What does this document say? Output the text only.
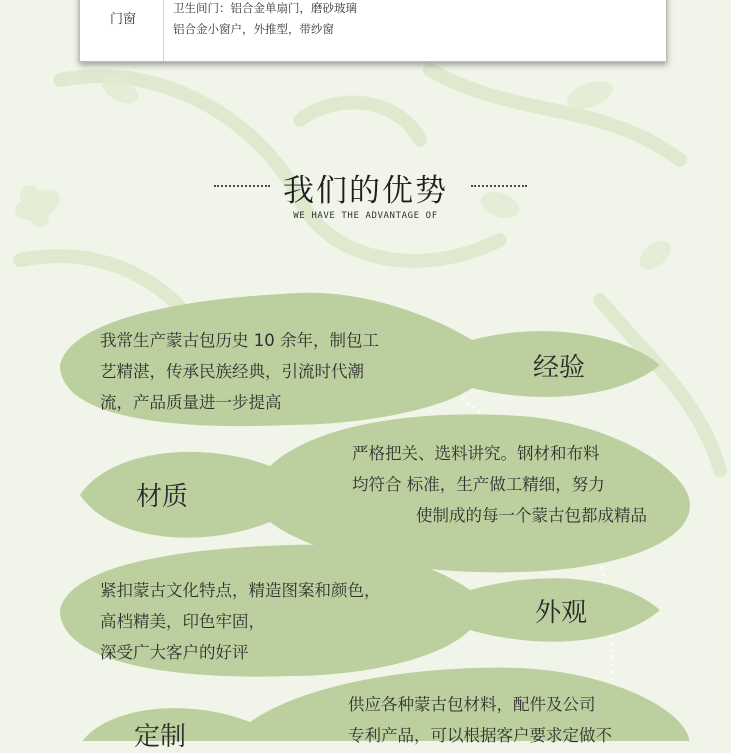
门窗
卫生间门：铝合金单扇门，磨砂玻璃
铝合金小窗户，外推型，带纱窗
我们的优势
WE HAVE THE ADVANTAGE OF
我常生产蒙古包历史 10 余年，制包工
艺精湛，传承民族经典，引流时代潮
流，产品质量进一步提高
经验
材质
严格把关、选料讲究。钢材和布料
均符合 标准，生产做工精细，努力
使制成的每一个蒙古包都成精品
紧扣蒙古文化特点，精造图案和颜色，
高档精美，印色牢固，
深受广大客户的好评
外观
定制
供应各种蒙古包材料，配件及公司
专利产品，可以根据客户要求定做不
